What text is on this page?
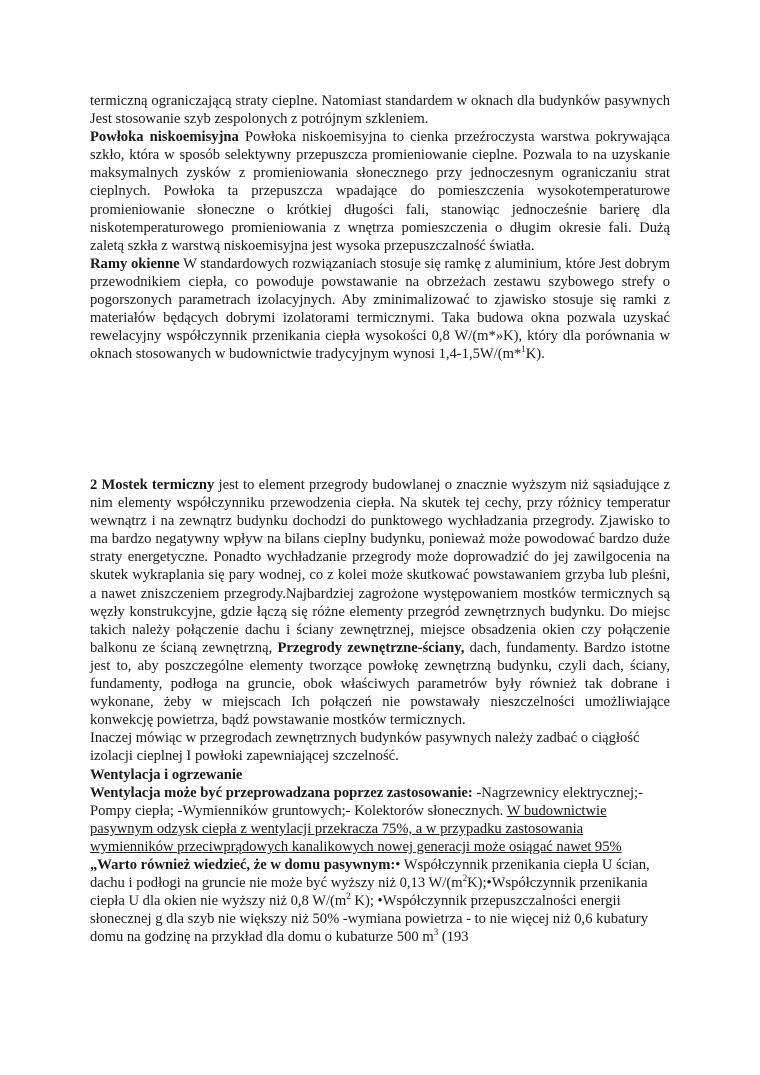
termiczną ograniczającą straty cieplne. Natomiast standardem w oknach dla budynków pasywnych Jest stosowanie szyb zespolonych z potrójnym szkleniem.

Powłoka niskoemisyjna Powłoka niskoemisyjna to cienka przeźroczysta warstwa pokrywająca szkło, która w sposób selektywny przepuszcza promieniowanie cieplne. Pozwala to na uzyskanie maksymalnych zysków z promieniowania słonecznego przy jednoczesnym ograniczaniu strat cieplnych. Powłoka ta przepuszcza wpadające do pomieszczenia wysokotemperaturowe promieniowanie słoneczne o krótkiej długości fali, stanowiąc jednocześnie barierę dla niskotemperaturowego promieniowania z wnętrza pomieszczenia o długim okresie fali. Dużą zaletą szkła z warstwą niskoemisyjna jest wysoka przepuszczalność światła.

Ramy okienne W standardowych rozwiązaniach stosuje się ramkę z aluminium, które Jest dobrym przewodnikiem ciepła, co powoduje powstawanie na obrzeżach zestawu szybowego strefy o pogorszonych parametrach izolacyjnych. Aby zminimalizować to zjawisko stosuje się ramki z materiałów będących dobrymi izolatorami termicznymi. Taka budowa okna pozwala uzyskać rewelacyjny współczynnik przenikania ciepła wysokości 0,8 W/(m*»K), który dla porównania w oknach stosowanych w budownictwie tradycyjnym wynosi 1,4-1,5W/(m*$^1$K).

2 Mostek termiczny jest to element przegrody budowlanej o znacznie wyższym niż sąsiadujące z nim elementy współczynniku przewodzenia ciepła. Na skutek tej cechy, przy różnicy temperatur wewnątrz i na zewnątrz budynku dochodzi do punktowego wychładzania przegrody. Zjawisko to ma bardzo negatywny wpływ na bilans cieplny budynku, ponieważ może powodować bardzo duże straty energetyczne. Ponadto wychładzanie przegrody może doprowadzić do jej zawilgocenia na skutek wykraplania się pary wodnej, co z kolei może skutkować powstawaniem grzyba lub pleśni, a nawet zniszczeniem przegrody.Najbardziej zagrożone występowaniem mostków termicznych są węzły konstrukcyjne, gdzie łączą się różne elementy przegród zewnętrznych budynku. Do miejsc takich należy połączenie dachu i ściany zewnętrznej, miejsce obsadzenia okien czy połączenie balkonu ze ścianą zewnętrzną, Przegrody zewnętrzne-ściany, dach, fundamenty. Bardzo istotne jest to, aby poszczególne elementy tworzące powłokę zewnętrzną budynku, czyli dach, ściany, fundamenty, podłoga na gruncie, obok właściwych parametrów były również tak dobrane i wykonane, żeby w miejscach Ich połączeń nie powstawały nieszczelności umożliwiające konwekcję powietrza, bądź powstawanie mostków termicznych.

Inaczej mówiąc w przegrodach zewnętrznych budynków pasywnych należy zadbać o ciągłość izolacji cieplnej I powłoki zapewniającej szczelność.

Wentylacja i ogrzewanie

Wentylacja może być przeprowadzana poprzez zastosowanie: -Nagrzewnicy elektrycznej;- Pompy ciepła; -Wymienników gruntowych;- Kolektorów słonecznych. W budownictwie pasywnym odzysk ciepła z wentylacji przekracza 75%, a w przypadku zastosowania wymienników przeciwprądowych kanalikowych nowej generacji może osiągać nawet 95%

„Warto również wiedzieć, że w domu pasywnym:• Współczynnik przenikania ciepła U ścian, dachu i podłogi na gruncie nie może być wyższy niż 0,13 $W/(m^2K);•Współczynnik$ przenikania ciepła U dla okien nie wyższy niż 0,8 $W/(m^2$ K); •Współczynnik przepuszczalności energii słonecznej g dla szyb nie większy niż 50% -wymiana powietrza - to nie więcej niż 0,6 kubatury domu na godzinę na przykład dla domu o kubaturze 500 $m^3$ (193
